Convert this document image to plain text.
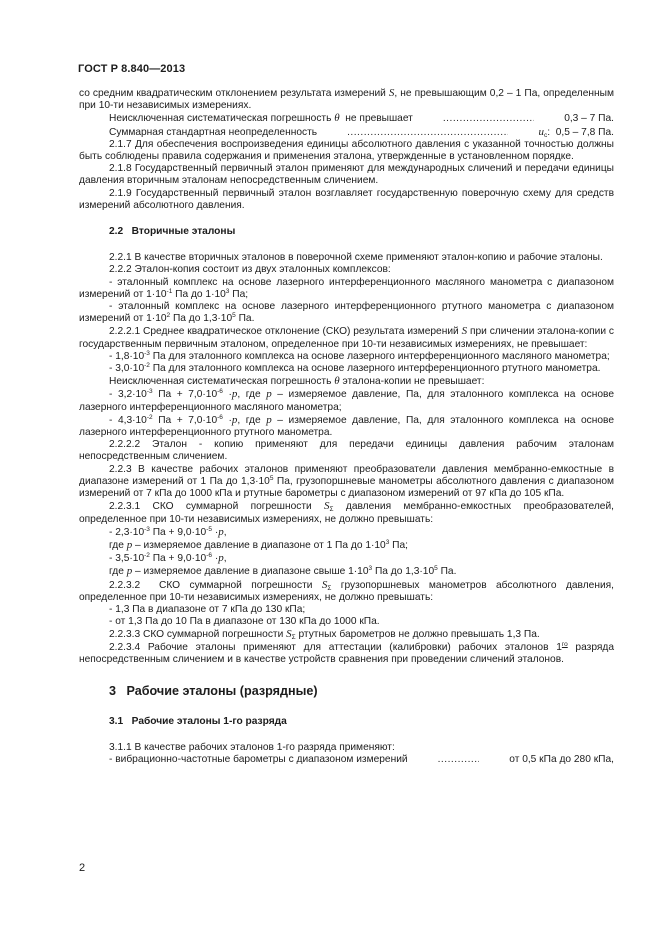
ГОСТ Р 8.840—2013

со средним квадратическим отклонением результата измерений S, не превышающим 0,2 – 1 Па, определенным при 10-ти независимых измерениях.

Неисключенная систематическая погрешность θ  не превышает .....	0,3 – 7 Па.
Суммарная стандартная неопределенность .....	$u_c$:  0,5 – 7,8 Па.

2.1.7 Для обеспечения воспроизведения единицы абсолютного давления с указанной точностью должны быть соблюдены правила содержания и применения эталона, утвержденные в установленном порядке.

2.1.8 Государственный первичный эталон применяют для международных сличений и передачи единицы давления вторичным эталонам непосредственным сличением.

2.1.9 Государственный первичный эталон возглавляет государственную поверочную схему для средств измерений абсолютного давления.

2.2   Вторичные эталоны

2.2.1 В качестве вторичных эталонов в поверочной схеме применяют эталон-копию и рабочие эталоны.

2.2.2 Эталон-копия состоит из двух эталонных комплексов:

- эталонный комплекс на основе лазерного интерференционного масляного манометра с диапазоном измерений от $1\cdot 10^{-1}$ Па до $1\cdot 10^3$ Па;

- эталонный комплекс на основе лазерного интерференционного ртутного манометра с диапазоном измерений от $1\cdot 10^2$ Па до $1,3\cdot 10^5$ Па.

2.2.2.1 Среднее квадратическое отклонение (СКО) результата измерений S при сличении эталона-копии с государственным первичным эталоном, определенное при 10-ти независимых измерениях, не превышает:

- $1,8\cdot 10^{-3}$ Па для эталонного комплекса на основе лазерного интерференционного масляного манометра;

- $3,0\cdot 10^{-2}$ Па для эталонного комплекса на основе лазерного интерференционного ртутного манометра.

Неисключенная систематическая погрешность θ эталона-копии не превышает:

- $3,2\cdot 10^{-3}$ Па + $7,0\cdot 10^{-6} \cdot p$, где p – измеряемое давление, Па, для эталонного комплекса на основе лазерного интерференционного масляного манометра;

- $4,3\cdot 10^{-2}$ Па + $7,0\cdot 10^{-6} \cdot p$, где p – измеряемое давление, Па, для эталонного комплекса на основе лазерного интерференционного ртутного манометра.

2.2.2.2 Эталон - копию применяют для передачи единицы давления рабочим эталонам непосредственным сличением.

2.2.3 В качестве рабочих эталонов применяют преобразователи давления мембранно-емкостные в диапазоне измерений от 1 Па до $1,3\cdot 10^5$ Па, грузопоршневые манометры абсолютного давления с диапазоном измерений от 7 кПа до 1000 кПа и ртутные барометры с диапазоном измерений от 97 кПа до 105 кПа.

2.2.3.1 СКО суммарной погрешности $S_\Sigma$ давления мембранно-емкостных преобразователей, определенное при 10-ти независимых измерениях, не должно превышать:

- $2,3\cdot 10^{-3}$ Па + $9,0\cdot 10^{-5} \cdot p$,

где p – измеряемое давление в диапазоне от 1 Па до $1\cdot 10^3$ Па;

- $3,5\cdot 10^{-2}$ Па + $9,0\cdot 10^{-6} \cdot p$,

где p – измеряемое давление в диапазоне свыше $1\cdot 10^3$ Па до $1,3\cdot 10^5$ Па.

2.2.3.2  СКО суммарной погрешности $S_\Sigma$ грузопоршневых манометров абсолютного давления, определенное при 10-ти независимых измерениях, не должно превышать:

- 1,3 Па в диапазоне от 7 кПа до 130 кПа;

- от 1,3 Па до 10 Па в диапазоне от 130 кПа до 1000 кПа.

2.2.3.3 СКО суммарной погрешности $S_\Sigma$ ртутных барометров не должно превышать 1,3 Па.

2.2.3.4 Рабочие эталоны применяют для аттестации (калибровки) рабочих эталонов $1^{го}$ разряда непосредственным сличением и в качестве устройств сравнения при проведении сличений эталонов.

3   Рабочие эталоны (разрядные)

3.1   Рабочие эталоны 1-го разряда

3.1.1 В качестве рабочих эталонов 1-го разряда применяют:

- вибрационно-частотные барометры с диапазоном измерений .....	от 0,5 кПа до 280 кПа,
2
